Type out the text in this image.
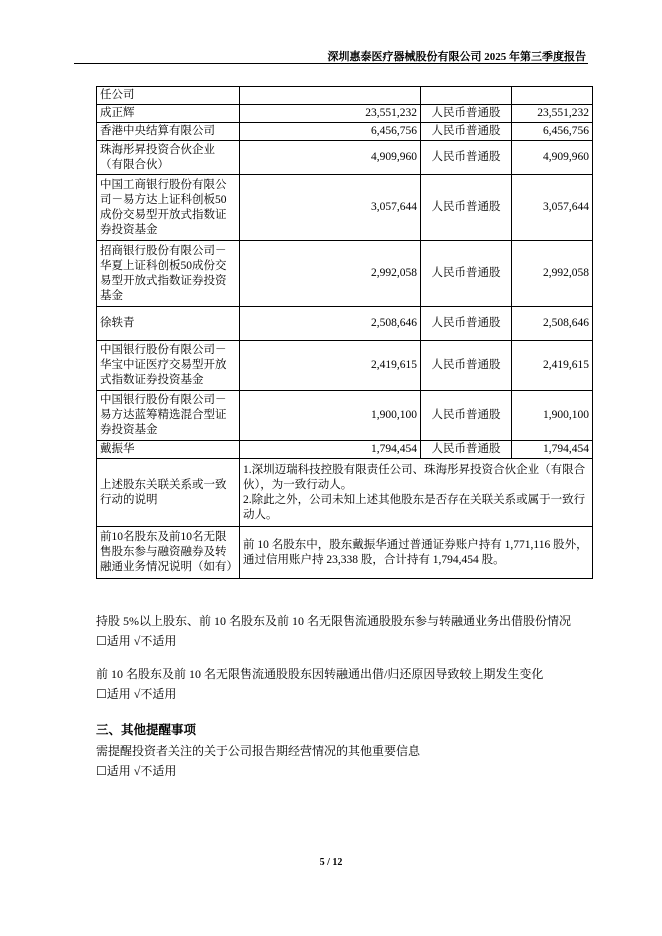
深圳惠泰医疗器械股份有限公司 2025 年第三季度报告
任公司			
成正辉	23,551,232	人民币普通股	23,551,232
香港中央结算有限公司	6,456,756	人民币普通股	6,456,756
珠海彤昇投资合伙企业（有限合伙）	4,909,960	人民币普通股	4,909,960
中国工商银行股份有限公司－易方达上证科创板50成份交易型开放式指数证券投资基金	3,057,644	人民币普通股	3,057,644
招商银行股份有限公司－华夏上证科创板50成份交易型开放式指数证券投资基金	2,992,058	人民币普通股	2,992,058
徐轶青	2,508,646	人民币普通股	2,508,646
中国银行股份有限公司－华宝中证医疗交易型开放式指数证券投资基金	2,419,615	人民币普通股	2,419,615
中国银行股份有限公司－易方达蓝筹精选混合型证券投资基金	1,900,100	人民币普通股	1,900,100
戴振华	1,794,454	人民币普通股	1,794,454
上述股东关联关系或一致行动的说明	1.深圳迈瑞科技控股有限责任公司、珠海彤昇投资合伙企业（有限合伙），为一致行动人。
2.除此之外，公司未知上述其他股东是否存在关联关系或属于一致行动人。		

前10名股东及前10名无限售股东参与融资融券及转融通业务情况说明（如有）	前 10 名股东中，股东戴振华通过普通证券账户持有 1,771,116 股外，通过信用账户持 23,338 股，合计持有 1,794,454 股。		
持股 5%以上股东、前 10 名股东及前 10 名无限售流通股股东参与转融通业务出借股份情况
☐适用 √不适用
前 10 名股东及前 10 名无限售流通股股东因转融通出借/归还原因导致较上期发生变化
☐适用 √不适用
三、其他提醒事项
需提醒投资者关注的关于公司报告期经营情况的其他重要信息
☐适用 √不适用
5 / 12
